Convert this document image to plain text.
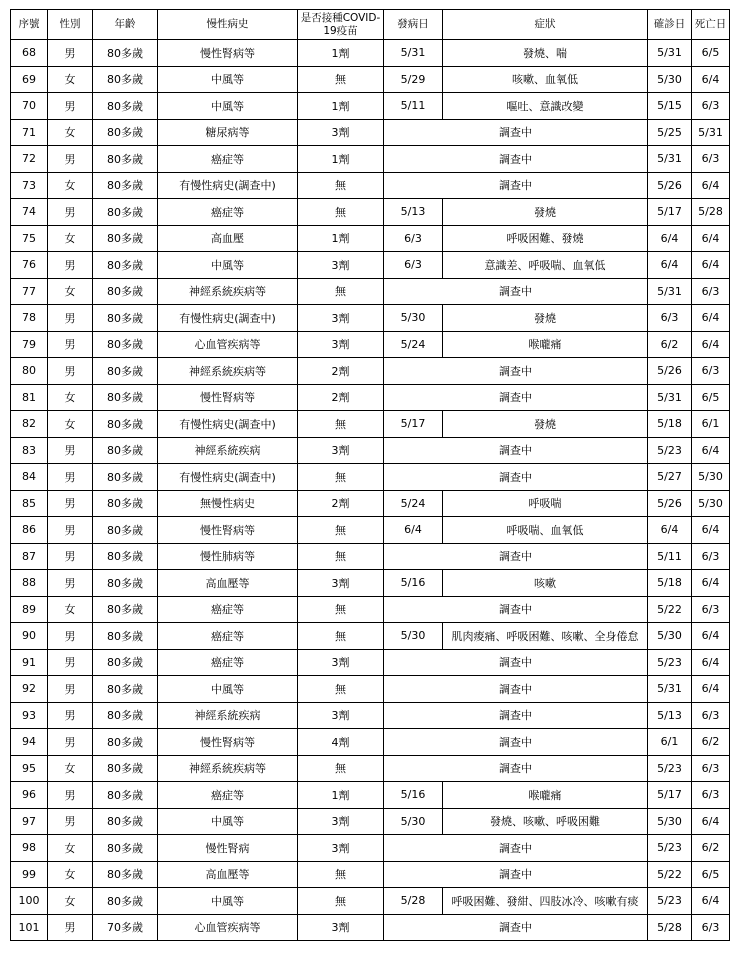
序號	性別	年齡	慢性病史	是否接種COVID-19疫苗	發病日	症狀	確診日	死亡日
68	男	80多歲	慢性腎病等	1劑	5/31	發燒、喘	5/31	6/5
69	女	80多歲	中風等	無	5/29	咳嗽、血氧低	5/30	6/4
70	男	80多歲	中風等	1劑	5/11	嘔吐、意識改變	5/15	6/3
71	女	80多歲	糖尿病等	3劑	調查中		5/25	5/31
72	男	80多歲	癌症等	1劑	調查中		5/31	6/3
73	女	80多歲	有慢性病史(調查中)	無	調查中		5/26	6/4
74	男	80多歲	癌症等	無	5/13	發燒	5/17	5/28
75	女	80多歲	高血壓	1劑	6/3	呼吸困難、發燒	6/4	6/4
76	男	80多歲	中風等	3劑	6/3	意識差、呼吸喘、血氧低	6/4	6/4
77	女	80多歲	神經系統疾病等	無	調查中		5/31	6/3
78	男	80多歲	有慢性病史(調查中)	3劑	5/30	發燒	6/3	6/4
79	男	80多歲	心血管疾病等	3劑	5/24	喉嚨痛	6/2	6/4
80	男	80多歲	神經系統疾病等	2劑	調查中		5/26	6/3
81	女	80多歲	慢性腎病等	2劑	調查中		5/31	6/5
82	女	80多歲	有慢性病史(調查中)	無	5/17	發燒	5/18	6/1
83	男	80多歲	神經系統疾病	3劑	調查中		5/23	6/4
84	男	80多歲	有慢性病史(調查中)	無	調查中		5/27	5/30
85	男	80多歲	無慢性病史	2劑	5/24	呼吸喘	5/26	5/30
86	男	80多歲	慢性腎病等	無	6/4	呼吸喘、血氧低	6/4	6/4
87	男	80多歲	慢性肺病等	無	調查中		5/11	6/3
88	男	80多歲	高血壓等	3劑	5/16	咳嗽	5/18	6/4
89	女	80多歲	癌症等	無	調查中		5/22	6/3
90	男	80多歲	癌症等	無	5/30	肌肉痠痛、呼吸困難、咳嗽、全身倦怠	5/30	6/4
91	男	80多歲	癌症等	3劑	調查中		5/23	6/4
92	男	80多歲	中風等	無	調查中		5/31	6/4
93	男	80多歲	神經系統疾病	3劑	調查中		5/13	6/3
94	男	80多歲	慢性腎病等	4劑	調查中		6/1	6/2
95	女	80多歲	神經系統疾病等	無	調查中		5/23	6/3
96	男	80多歲	癌症等	1劑	5/16	喉嚨痛	5/17	6/3
97	男	80多歲	中風等	3劑	5/30	發燒、咳嗽、呼吸困難	5/30	6/4
98	女	80多歲	慢性腎病	3劑	調查中		5/23	6/2
99	女	80多歲	高血壓等	無	調查中		5/22	6/5
100	女	80多歲	中風等	無	5/28	呼吸困難、發紺、四肢冰冷、咳嗽有痰	5/23	6/4
101	男	70多歲	心血管疾病等	3劑	調查中		5/28	6/3
